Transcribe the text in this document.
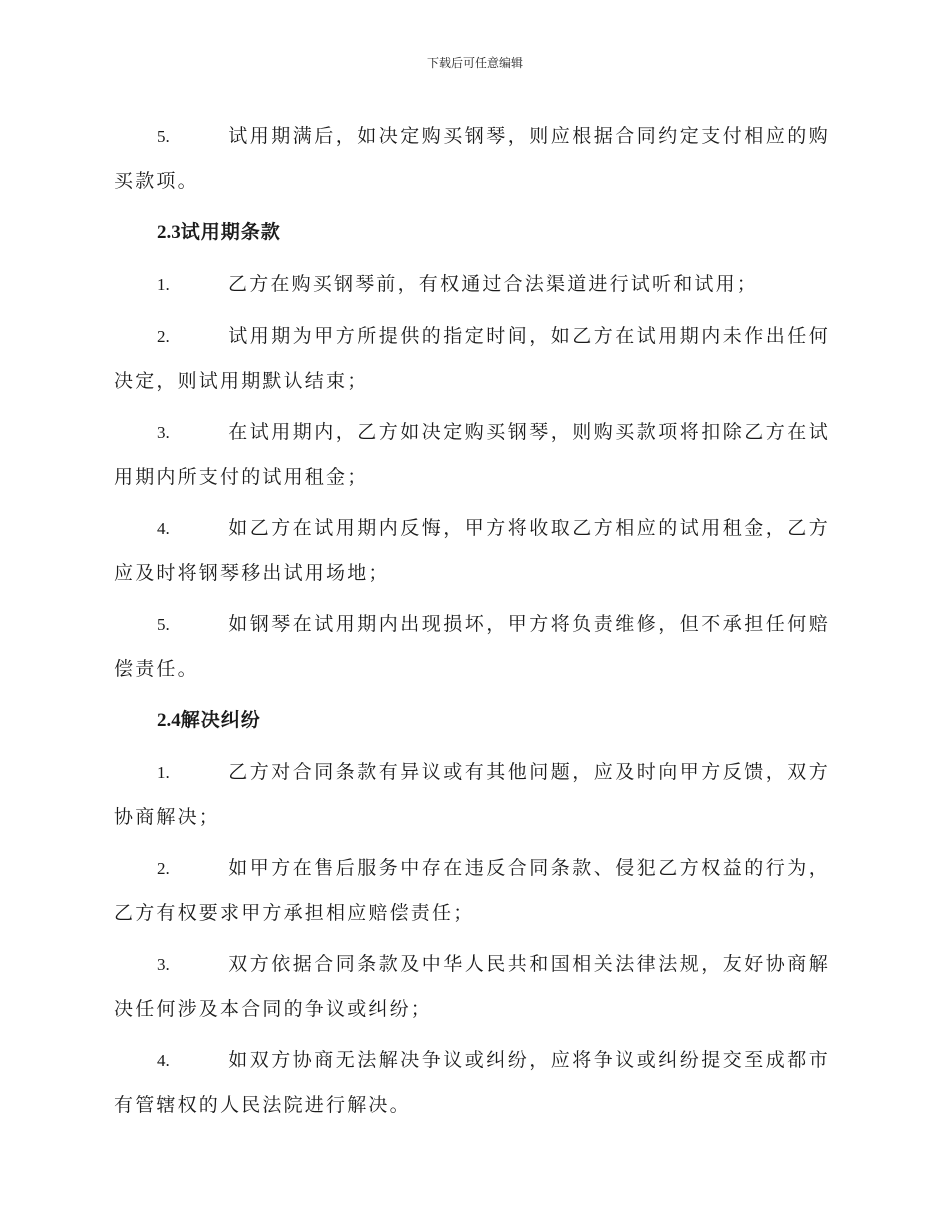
下载后可任意编辑
5.	试用期满后，如决定购买钢琴，则应根据合同约定支付相应的购买款项。
2.3试用期条款
1.	乙方在购买钢琴前，有权通过合法渠道进行试听和试用；
2.	试用期为甲方所提供的指定时间，如乙方在试用期内未作出任何决定，则试用期默认结束；
3.	在试用期内，乙方如决定购买钢琴，则购买款项将扣除乙方在试用期内所支付的试用租金；
4.	如乙方在试用期内反悔，甲方将收取乙方相应的试用租金，乙方应及时将钢琴移出试用场地；
5.	如钢琴在试用期内出现损坏，甲方将负责维修，但不承担任何赔偿责任。
2.4解决纠纷
1.	乙方对合同条款有异议或有其他问题，应及时向甲方反馈，双方协商解决；
2.	如甲方在售后服务中存在违反合同条款、侵犯乙方权益的行为，乙方有权要求甲方承担相应赔偿责任；
3.	双方依据合同条款及中华人民共和国相关法律法规，友好协商解决任何涉及本合同的争议或纠纷；
4.	如双方协商无法解决争议或纠纷，应将争议或纠纷提交至成都市有管辖权的人民法院进行解决。
